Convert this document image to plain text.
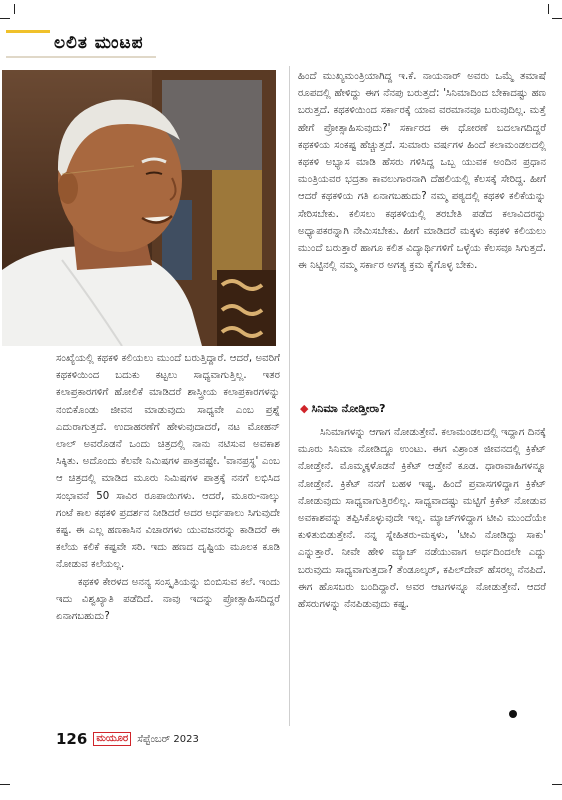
ಲಲಿತ ಮಂಟಪ

ಹಿಂದೆ ಮುಖ್ಯಮಂತ್ರಿಯಾಗಿದ್ದ ಇ.ಕೆ. ನಾಯನಾರ್ ಅವರು ಒಮ್ಮೆ ತಮಾಷೆ ರೂಪದಲ್ಲಿ ಹೇಳಿದ್ದು ಈಗ ನೆನಪು ಬರುತ್ತದೆ: 'ಸಿನಿಮಾದಿಂದ ಬೇಕಾದಷ್ಟು ಹಣ ಬರುತ್ತದೆ. ಕಥಕಳಿಯಿಂದ ಸರ್ಕಾರಕ್ಕೆ ಯಾವ ವರಮಾನವೂ ಬರುವುದಿಲ್ಲ. ಮತ್ತೆ ಹೇಗೆ ಪ್ರೋತ್ಸಾಹಿಸುವುದು?' ಸರ್ಕಾರದ ಈ ಧೋರಣೆ ಬದಲಾಗದಿದ್ದರೆ ಕಥಕಳಿಯ ಸಂಕಷ್ಟ ಹೆಚ್ಚುತ್ತದೆ. ಸುಮಾರು ವರ್ಷಗಳ ಹಿಂದೆ ಕಲಾಮಂಡಲದಲ್ಲಿ ಕಥಕಳಿ ಅಭ್ಯಾಸ ಮಾಡಿ ಹೆಸರು ಗಳಿಸಿದ್ದ ಒಬ್ಬ ಯುವಕ ಅಂದಿನ ಪ್ರಧಾನ ಮಂತ್ರಿಯವರ ಭದ್ರತಾ ಕಾವಲುಗಾರನಾಗಿ ದೆಹಲಿಯಲ್ಲಿ ಕೆಲಸಕ್ಕೆ ಸೇರಿದ್ದ. ಹೀಗೆ ಆದರೆ ಕಥಕಳಿಯ ಗತಿ ಏನಾಗಬಹುದು? ನಮ್ಮ ಪಠ್ಯದಲ್ಲಿ ಕಥಕಳಿ ಕಲಿಕೆಯನ್ನು ಸೇರಿಸಬೇಕು. ಕಲಿಸಲು ಕಥಕಳಿಯಲ್ಲಿ ತರಬೇತಿ ಪಡೆದ ಕಲಾವಿದರನ್ನು ಅಧ್ಯಾಪಕರನ್ನಾಗಿ ನೇಮಿಸಬೇಕು. ಹೀಗೆ ಮಾಡಿದರೆ ಮಕ್ಕಳು ಕಥಕಳಿ ಕಲಿಯಲು ಮುಂದೆ ಬರುತ್ತಾರೆ ಹಾಗೂ ಕಲಿತ ವಿದ್ಯಾರ್ಥಿಗಳಿಗೆ ಒಳ್ಳೆಯ ಕೆಲಸವೂ ಸಿಗುತ್ತದೆ. ಈ ನಿಟ್ಟಿನಲ್ಲಿ ನಮ್ಮ ಸರ್ಕಾರ ಅಗತ್ಯ ಕ್ರಮ ಕೈಗೊಳ್ಳ ಬೇಕು.

◆ ಸಿನಿಮಾ ನೋಡ್ತೀರಾ?

ಸಿನಿಮಾಗಳನ್ನು ಆಗಾಗ ನೋಡುತ್ತೇನೆ. ಕಲಾಮಂಡಲದಲ್ಲಿ ಇದ್ದಾಗ ದಿನಕ್ಕೆ ಮೂರು ಸಿನಿಮಾ ನೋಡಿದ್ದೂ ಉಂಟು. ಈಗ ವಿಶ್ರಾಂತ ಜೀವನದಲ್ಲಿ ಕ್ರಿಕೆಟ್ ನೋಡ್ತೇನೆ. ಮೊಮ್ಮಕ್ಕಳೊಡನೆ ಕ್ರಿಕೆಟ್ ಆಡ್ತೇನೆ ಕೂಡ. ಧಾರಾವಾಹಿಗಳನ್ನೂ ನೋಡ್ತೇನೆ. ಕ್ರಿಕೆಟ್ ನನಗೆ ಬಹಳ ಇಷ್ಟ. ಹಿಂದೆ ಪ್ರವಾಸಗಳಿದ್ದಾಗ ಕ್ರಿಕೆಟ್ ನೋಡುವುದು ಸಾಧ್ಯವಾಗುತ್ತಿರಲಿಲ್ಲ. ಸಾಧ್ಯವಾದಷ್ಟು ಮಟ್ಟಿಗೆ ಕ್ರಿಕೆಟ್ ನೋಡುವ ಅವಕಾಶವನ್ನು ತಪ್ಪಿಸಿಕೊಳ್ಳುವುದೇ ಇಲ್ಲ. ಮ್ಯಾಚ್‌ಗಳಿದ್ದಾಗ ಟೀವಿ ಮುಂದೆಯೇ ಕುಳಿತುಬಿಡುತ್ತೇನೆ. ನನ್ನ ಸ್ನೇಹಿತರು-ಮಕ್ಕಳು, 'ಟೀವಿ ನೋಡಿದ್ದು ಸಾಕು' ಎನ್ನುತ್ತಾರೆ. ನೀವೇ ಹೇಳಿ ಮ್ಯಾಚ್ ನಡೆಯುವಾಗ ಅರ್ಧದಿಂದಲೇ ಎದ್ದು ಬರುವುದು ಸಾಧ್ಯವಾಗುತ್ತದಾ? ತೆಂಡೂಲ್ಕರ್, ಕಪಿಲ್‌ದೇವ್ ಹೆಸರಲ್ಲ ನೆನಪಿದೆ. ಈಗ ಹೊಸಬರು ಬಂದಿದ್ದಾರೆ. ಅವರ ಆಟಗಳನ್ನೂ ನೋಡುತ್ತೇನೆ. ಆದರೆ ಹೆಸರುಗಳನ್ನು ನೆನಪಿಡುವುದು ಕಷ್ಟ.

ಸಂಖ್ಯೆಯಲ್ಲಿ ಕಥಕಳಿ ಕಲಿಯಲು ಮುಂದೆ ಬರುತ್ತಿದ್ದಾರೆ. ಆದರೆ, ಅವರಿಗೆ ಕಥಕಳಿಯಿಂದ ಬದುಕು ಕಟ್ಟಲು ಸಾಧ್ಯವಾಗುತ್ತಿಲ್ಲ. ಇತರ ಕಲಾಪ್ರಕಾರಗಳಿಗೆ ಹೋಲಿಕೆ ಮಾಡಿದರೆ ಶಾಸ್ತ್ರೀಯ ಕಲಾಪ್ರಕಾರಗಳನ್ನು ನಂಬಿಕೊಂಡು ಜೀವನ ಮಾಡುವುದು ಸಾಧ್ಯವೇ ಎಂಬ ಪ್ರಶ್ನೆ ಎದುರಾಗುತ್ತದೆ. ಉದಾಹರಣೆಗೆ ಹೇಳುವುದಾದರೆ, ನಟ ಮೋಹನ್ ಲಾಲ್ ಅವರೊಡನೆ ಒಂದು ಚಿತ್ರದಲ್ಲಿ ನಾನು ನಟಿಸುವ ಅವಕಾಶ ಸಿಕ್ಕಿತು. ಅದೊಂದು ಕೆಲವೇ ನಿಮಿಷಗಳ ಪಾತ್ರವಷ್ಟೇ. 'ವಾನಪ್ರಸ್ಥ' ಎಂಬ ಆ ಚಿತ್ರದಲ್ಲಿ ಮಾಡಿದ ಮೂರು ನಿಮಿಷಗಳ ಪಾತ್ರಕ್ಕೆ ನನಗೆ ಲಭಿಸಿದ ಸಂಭಾವನೆ 50 ಸಾವಿರ ರೂಪಾಯಿಗಳು. ಆದರೆ, ಮೂರು-ನಾಲ್ಕು ಗಂಟೆ ಕಾಲ ಕಥಕಳಿ ಪ್ರದರ್ಶನ ನೀಡಿದರೆ ಅದರ ಅರ್ಧಪಾಲು ಸಿಗುವುದೇ ಕಷ್ಟ. ಈ ಎಲ್ಲ ಹಣಕಾಸಿನ ವಿಚಾರಗಳು ಯುವಜನರನ್ನು ಕಾಡಿದರೆ ಈ ಕಲೆಯ ಕಲಿಕೆ ಕಷ್ಟವೇ ಸರಿ. ಇದು ಹಣದ ದೃಷ್ಟಿಯ ಮೂಲಕ ಕೂಡಿ ನೋಡುವ ಕಲೆಯಲ್ಲ.

ಕಥಕಳಿ ಕೇರಳದ ಅನನ್ಯ ಸಂಸ್ಕೃತಿಯನ್ನು ಬಿಂಬಿಸುವ ಕಲೆ. ಇಂದು ಇದು ವಿಶ್ವಖ್ಯಾತಿ ಪಡೆದಿದೆ. ನಾವು ಇದನ್ನು ಪ್ರೋತ್ಸಾಹಿಸದಿದ್ದರೆ ಏನಾಗಬಹುದು?

126 ಮಯೂರ ಸೆಪ್ಟೆಂಬರ್ 2023
